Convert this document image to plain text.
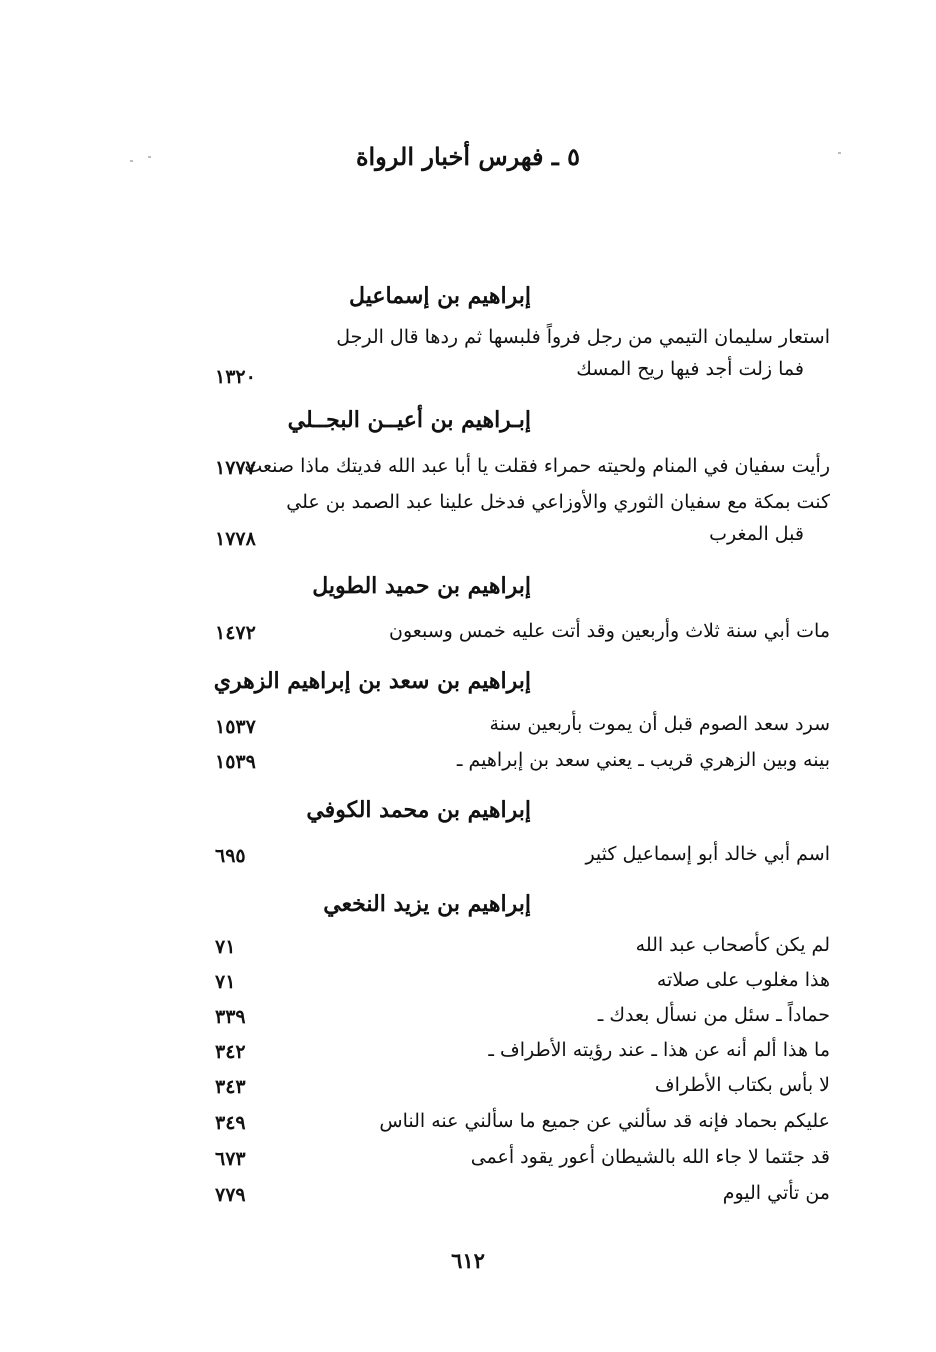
٥ ـ فهرس أخبار الرواة
إبراهيم بن إسماعيل
استعار سليمان التيمي من رجل فرواً فلبسها ثم ردها قال الرجل
فما زلت أجد فيها ريح المسك
١٣٢٠
إبـراهيم بن أعيــن البجــلي
رأيت سفيان في المنام ولحيته حمراء فقلت يا أبا عبد الله فديتك ماذا صنعت
١٧٧٧
كنت بمكة مع سفيان الثوري والأوزاعي فدخل علينا عبد الصمد بن علي
قبل المغرب
١٧٧٨
إبراهيم بن حميد الطويل
مات أبي سنة ثلاث وأربعين وقد أتت عليه خمس وسبعون
١٤٧٢
إبراهيم بن سعد بن إبراهيم الزهري
سرد سعد الصوم قبل أن يموت بأربعين سنة
١٥٣٧
بينه وبين الزهري قريب ـ يعني سعد بن إبراهيم ـ
١٥٣٩
إبراهيم بن محمد الكوفي
اسم أبي خالد أبو إسماعيل كثير
٦٩٥
إبراهيم بن يزيد النخعي
لم يكن كأصحاب عبد الله
٧١
هذا مغلوب على صلاته
٧١
حماداً ـ سئل من نسأل بعدك ـ
٣٣٩
ما هذا ألم أنه عن هذا ـ عند رؤيته الأطراف ـ
٣٤٢
لا بأس بكتاب الأطراف
٣٤٣
عليكم بحماد فإنه قد سألني عن جميع ما سألني عنه الناس
٣٤٩
قد جئتما لا جاء الله بالشيطان أعور يقود أعمى
٦٧٣
من تأتي اليوم
٧٧٩
٦١٢
